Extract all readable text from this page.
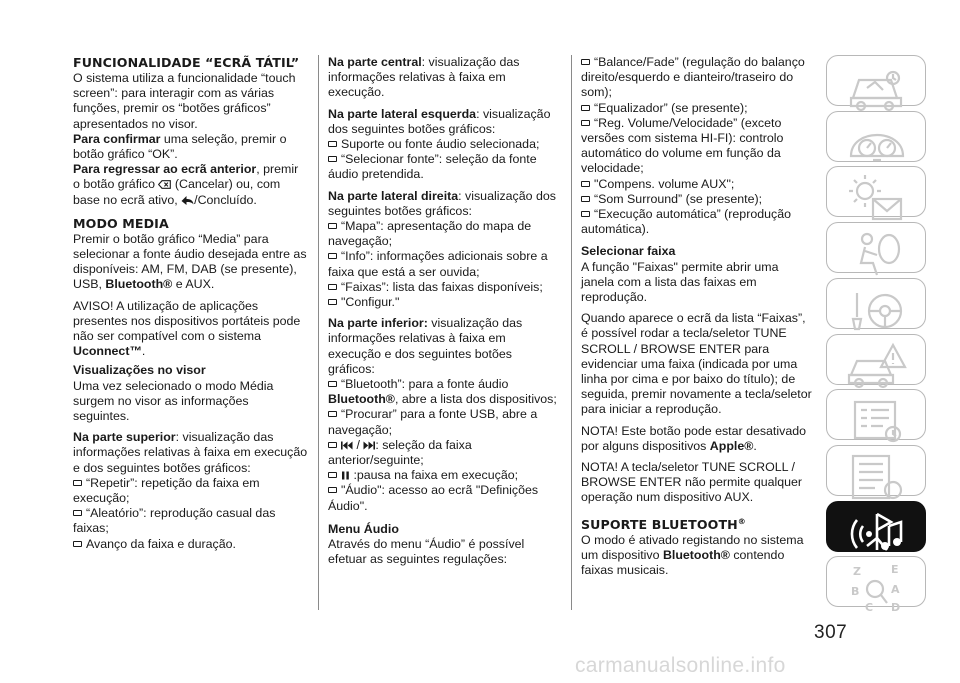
FUNCIONALIDADE “ECRÃ TÁTIL”

O sistema utiliza a funcionalidade “touch screen”: para interagir com as várias funções, premir os “botões gráficos” apresentados no visor.

Para confirmar uma seleção, premir o botão gráfico “OK”.

Para regressar ao ecrã anterior, premir o botão gráfico  (Cancelar) ou, com base no ecrã ativo, /Concluído.

MODO MEDIA

Premir o botão gráfico “Media” para selecionar a fonte áudio desejada entre as disponíveis: AM, FM, DAB (se presente), USB, Bluetooth® e AUX.

AVISO! A utilização de aplicações presentes nos dispositivos portáteis pode não ser compatível com o sistema Uconnect™.

Visualizações no visor

Uma vez selecionado o modo Média surgem no visor as informações seguintes.

Na parte superior: visualização das informações relativas à faixa em execução e dos seguintes botões gráficos:

“Repetir”: repetição da faixa em execução;

“Aleatório”: reprodução casual das faixas;

Avanço da faixa e duração.

Na parte central: visualização das informações relativas à faixa em execução.

Na parte lateral esquerda: visualização dos seguintes botões gráficos:

Suporte ou fonte áudio selecionada;

“Selecionar fonte”: seleção da fonte áudio pretendida.

Na parte lateral direita: visualização dos seguintes botões gráficos:

“Mapa”: apresentação do mapa de navegação;

“Info”: informações adicionais sobre a faixa que está a ser ouvida;

“Faixas”: lista das faixas disponíveis;

"Configur."

Na parte inferior: visualização das informações relativas à faixa em execução e dos seguintes botões gráficos:

“Bluetooth”: para a fonte áudio Bluetooth®, abre a lista dos dispositivos;

“Procurar” para a fonte USB, abre a navegação;

/ : seleção da faixa anterior/seguinte;

:pausa na faixa em execução;

"Áudio": acesso ao ecrã "Definições Áudio".

Menu Áudio

Através do menu “Áudio” é possível efetuar as seguintes regulações:

“Balance/Fade” (regulação do balanço direito/esquerdo e dianteiro/traseiro do som);

“Equalizador” (se presente);

“Reg. Volume/Velocidade” (exceto versões com sistema HI-FI): controlo automático do volume em função da velocidade;

"Compens. volume AUX";

“Som Surround” (se presente);

“Execução automática” (reprodução automática).

Selecionar faixa

A função "Faixas" permite abrir uma janela com a lista das faixas em reprodução.

Quando aparece o ecrã da lista “Faixas”, é possível rodar a tecla/seletor TUNE SCROLL / BROWSE ENTER para evidenciar uma faixa (indicada por uma linha por cima e por baixo do título); de seguida, premir novamente a tecla/seletor para iniciar a reprodução.

NOTA! Este botão pode estar desativado por alguns dispositivos Apple®.

NOTA! A tecla/seletor TUNE SCROLL / BROWSE ENTER não permite qualquer operação num dispositivo AUX.

SUPORTE BLUETOOTH®

O modo é ativado registando no sistema um dispositivo Bluetooth® contendo faixas musicais.	Z	E
B	A
C D
307
carmanualsonline.info
